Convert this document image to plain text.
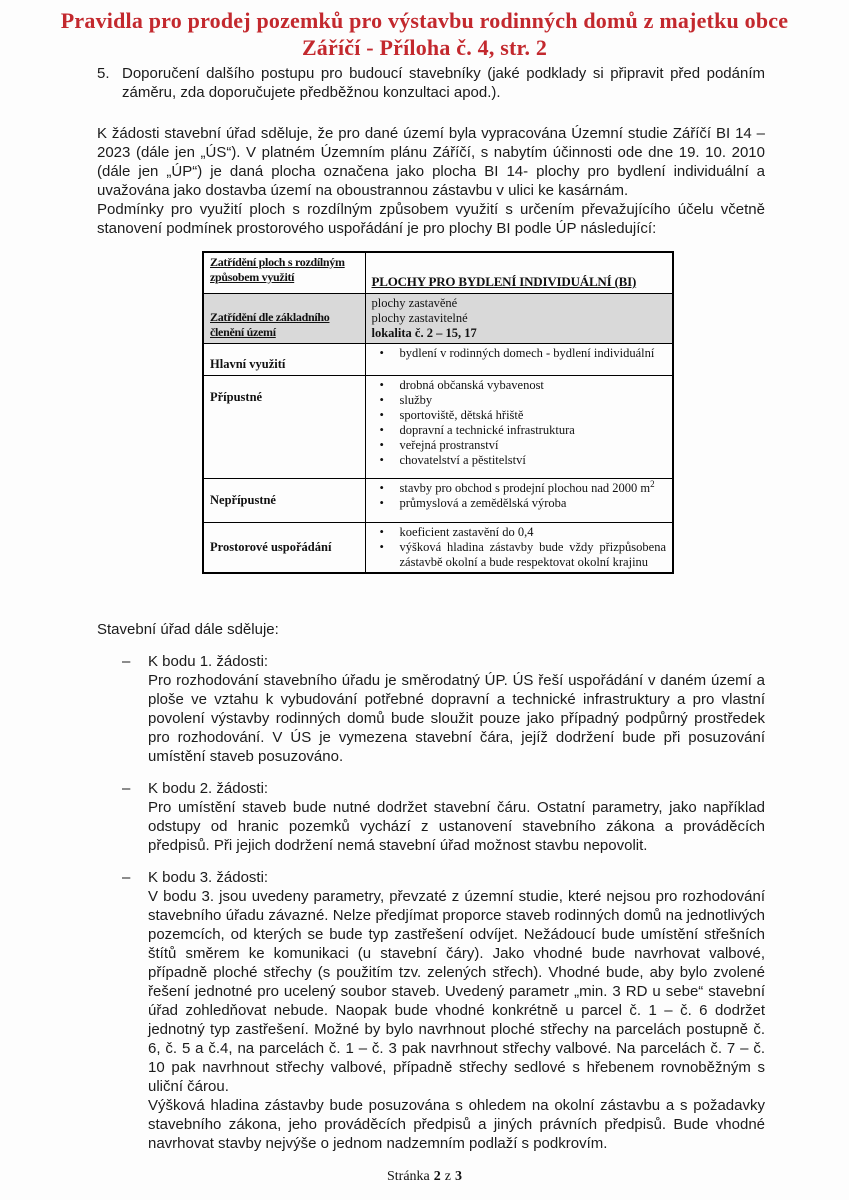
Pravidla pro prodej pozemků pro výstavbu rodinných domů z majetku obce
Záříčí - Příloha č. 4, str. 2
5. Doporučení dalšího postupu pro budoucí stavebníky (jaké podklady si připravit před podáním záměru, zda doporučujete předběžnou konzultaci apod.).

K žádosti stavební úřad sděluje, že pro dané území byla vypracována Územní studie Záříčí BI 14 – 2023 (dále jen „ÚS“). V platném Územním plánu Záříčí, s nabytím účinnosti ode dne 19. 10. 2010 (dále jen „ÚP“) je daná plocha označena jako plocha BI 14- plochy pro bydlení individuální a uvažována jako dostavba území na oboustrannou zástavbu v ulici ke kasárnám.

Podmínky pro využití ploch s rozdílným způsobem využití s určením převažujícího účelu včetně stanovení podmínek prostorového uspořádání je pro plochy BI podle ÚP následující:

Zatřídění ploch s rozdílným způsobem využití	PLOCHY PRO BYDLENÍ INDIVIDUÁLNÍ (BI)
Zatřídění dle základního členění území	plochy zastavěné
plochy zastavitelné
lokalita č. 2 – 15, 17

Hlavní využití	
• bydlení v rodinných domech - bydlení individuální

Přípustné	
• drobná občanská vybavenost
• služby
• sportoviště, dětská hřiště
• dopravní a technické infrastruktura
• veřejná prostranství
• chovatelství a pěstitelství

Nepřípustné	
• stavby pro obchod s prodejní plochou nad 2000 $m^2$
• průmyslová a zemědělská výroba

Prostorové uspořádání	
• koeficient zastavění do 0,4
• výšková hladina zástavby bude vždy přizpůsobena zástavbě okolní a bude respektovat okolní krajinu

Stavební úřad dále sděluje:

–	K bodu 1. žádosti:

Pro rozhodování stavebního úřadu je směrodatný ÚP. ÚS řeší uspořádání v daném území a ploše ve vztahu k vybudování potřebné dopravní a technické infrastruktury a pro vlastní povolení výstavby rodinných domů bude sloužit pouze jako případný podpůrný prostředek pro rozhodování. V ÚS je vymezena stavební čára, jejíž dodržení bude při posuzování umístění staveb posuzováno.

–	K bodu 2. žádosti:

Pro umístění staveb bude nutné dodržet stavební čáru. Ostatní parametry, jako například odstupy od hranic pozemků vychází z ustanovení stavebního zákona a prováděcích předpisů. Při jejich dodržení nemá stavební úřad možnost stavbu nepovolit.

–	K bodu 3. žádosti:

V bodu 3. jsou uvedeny parametry, převzaté z územní studie, které nejsou pro rozhodování stavebního úřadu závazné. Nelze předjímat proporce staveb rodinných domů na jednotlivých pozemcích, od kterých se bude typ zastřešení odvíjet. Nežádoucí bude umístění střešních štítů směrem ke komunikaci (u stavební čáry). Jako vhodné bude navrhovat valbové, případně ploché střechy (s použitím tzv. zelených střech). Vhodné bude, aby bylo zvolené řešení jednotné pro ucelený soubor staveb. Uvedený parametr „min. 3 RD u sebe“ stavební úřad zohledňovat nebude. Naopak bude vhodné konkrétně u parcel č. 1 – č. 6 dodržet jednotný typ zastřešení. Možné by bylo navrhnout ploché střechy na parcelách postupně č. 6, č. 5 a č.4, na parcelách č. 1 – č. 3 pak navrhnout střechy valbové. Na parcelách č. 7 – č. 10 pak navrhnout střechy valbové, případně střechy sedlové s hřebenem rovnoběžným s uliční čárou.

Výšková hladina zástavby bude posuzována s ohledem na okolní zástavbu a s požadavky stavebního zákona, jeho prováděcích předpisů a jiných právních předpisů. Bude vhodné navrhovat stavby nejvýše o jednom nadzemním podlaží s podkrovím.

Stránka 2 z 3
